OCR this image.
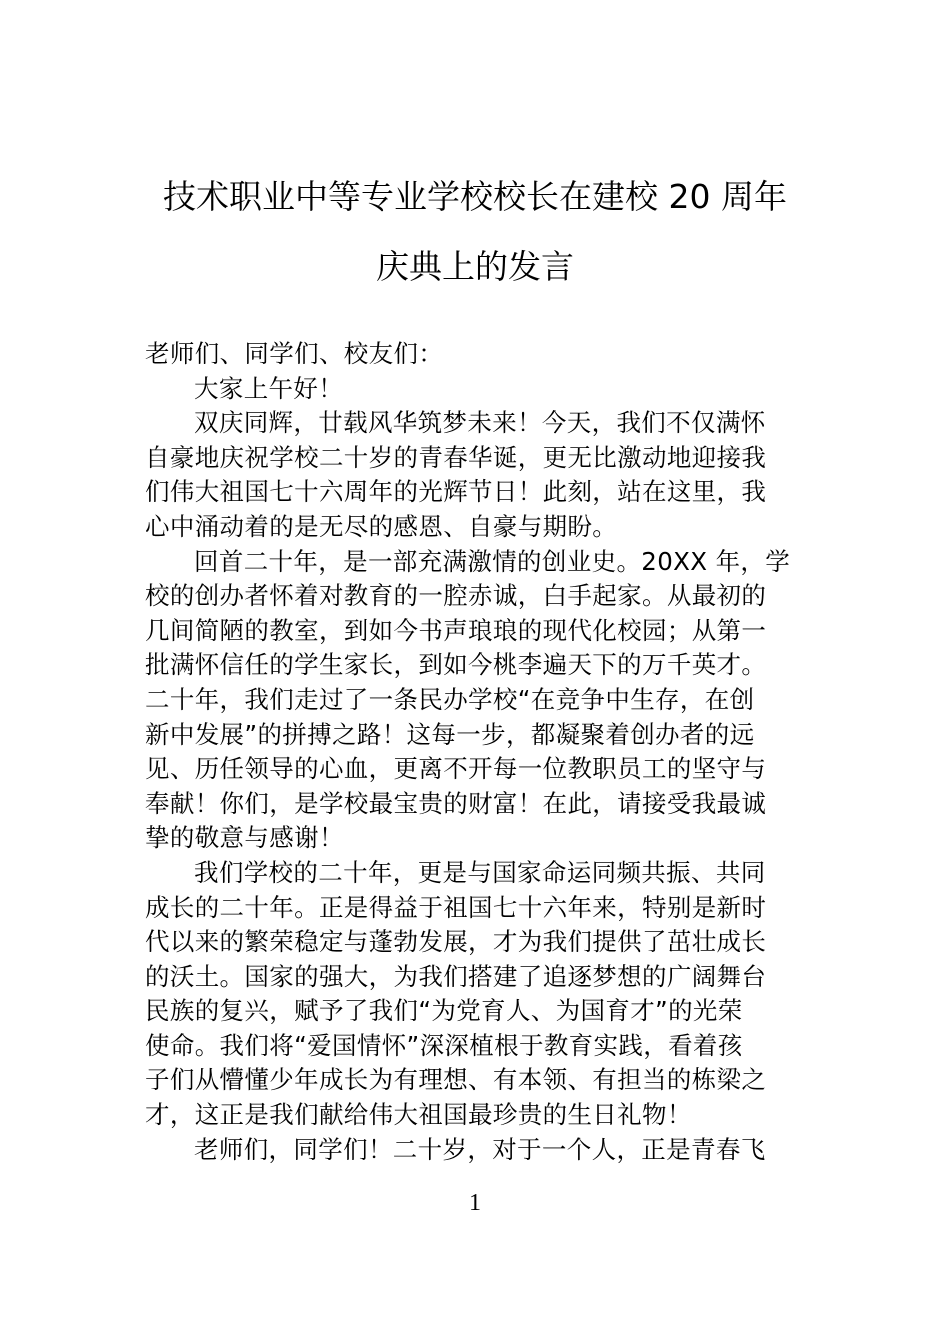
技术职业中等专业学校校长在建校 20 周年
庆典上的发言
老师们、同学们、校友们：
大家上午好！
双庆同辉，廿载风华筑梦未来！今天，我们不仅满怀
自豪地庆祝学校二十岁的青春华诞，更无比激动地迎接我
们伟大祖国七十六周年的光辉节日！此刻，站在这里，我
心中涌动着的是无尽的感恩、自豪与期盼。
回首二十年，是一部充满激情的创业史。20XX 年，学
校的创办者怀着对教育的一腔赤诚，白手起家。从最初的
几间简陋的教室，到如今书声琅琅的现代化校园；从第一
批满怀信任的学生家长，到如今桃李遍天下的万千英才。
二十年，我们走过了一条民办学校“在竞争中生存，在创
新中发展”的拼搏之路！这每一步，都凝聚着创办者的远
见、历任领导的心血，更离不开每一位教职员工的坚守与
奉献！你们，是学校最宝贵的财富！在此，请接受我最诚
挚的敬意与感谢！
我们学校的二十年，更是与国家命运同频共振、共同
成长的二十年。正是得益于祖国七十六年来，特别是新时
代以来的繁荣稳定与蓬勃发展，才为我们提供了茁壮成长
的沃土。国家的强大，为我们搭建了追逐梦想的广阔舞台
民族的复兴，赋予了我们“为党育人、为国育才”的光荣
使命。我们将“爱国情怀”深深植根于教育实践，看着孩
子们从懵懂少年成长为有理想、有本领、有担当的栋梁之
才，这正是我们献给伟大祖国最珍贵的生日礼物！
老师们，同学们！二十岁，对于一个人，正是青春飞
1
